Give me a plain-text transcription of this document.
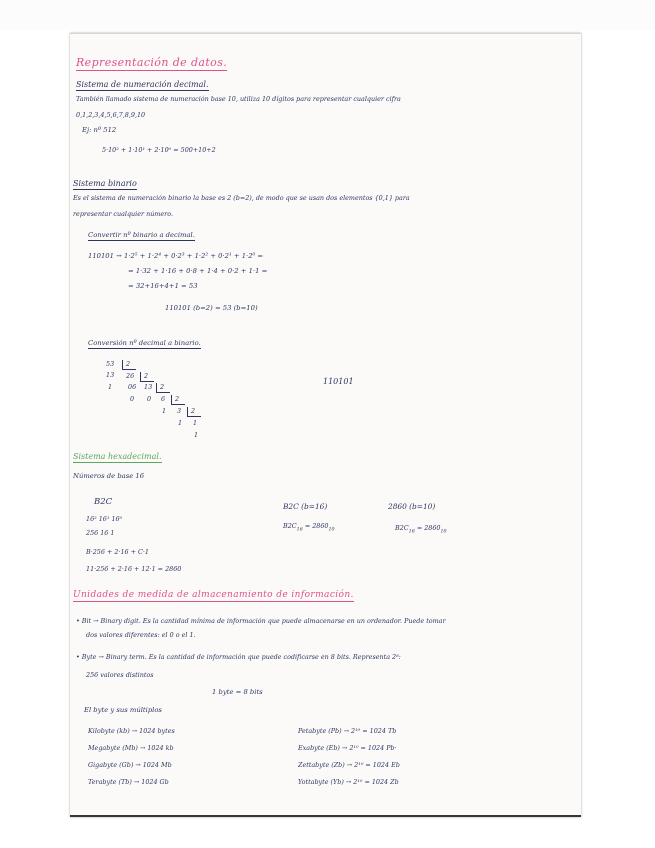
Representación de datos.
Sistema de numeración decimal.
También llamado sistema de numeración base 10, utiliza 10 dígitos para representar cualquier cifra
0,1,2,3,4,5,6,7,8,9,10
Ej: nº 512
5·10² + 1·10¹ + 2·10⁰ = 500+10+2
Sistema binario
Es el sistema de numeración binario la base es 2 (b=2), de modo que se usan dos elementos {0,1} para
representar cualquier número.
Convertir nº binario a decimal.
110101 → 1·2⁵ + 1·2⁴ + 0·2³ + 1·2² + 0·2¹ + 1·2⁰ =
= 1·32 + 1·16 + 0·8 + 1·4 + 0·2 + 1·1 =
= 32+16+4+1 = 53
110101 (b=2) = 53 (b=10)
Conversión nº decimal a binario.
53 2
13 26 2
1 06 13 2
0 0 6 2
1 3 2
1 1
1
110101
Sistema hexadecimal.
Números de base 16
B2C
16² 16¹ 16⁰
256 16 1
B·256 + 2·16 + C·1
11·256 + 2·16 + 12·1 = 2860
B2C (b=16)	2860 (b=10)
$B2C_{16} = 2860_{10}$	$B2C_{16} = 2860_{10}$
Unidades de medida de almacenamiento de información.
• Bit → Binary digit. Es la cantidad mínima de información que puede almacenarse en un ordenador. Puede tomar
dos valores diferentes: el 0 o el 1.
• Byte → Binary term. Es la cantidad de información que puede codificarse en 8 bits. Representa 2⁸:
256 valores distintos
1 byte = 8 bits
El byte y sus múltiplos
Kilobyte (kb) → 1024 bytes
Megabyte (Mb) → 1024 kb
Gigabyte (Gb) → 1024 Mb
Terabyte (Tb) → 1024 Gb
Petabyte (Pb) → 2¹⁰ = 1024 Tb
Exabyte (Eb) → 2¹⁰ = 1024 Pb·
Zettabyte (Zb) → 2¹⁰ = 1024 Eb
Yottabyte (Yb) → 2¹⁰ = 1024 Zb
